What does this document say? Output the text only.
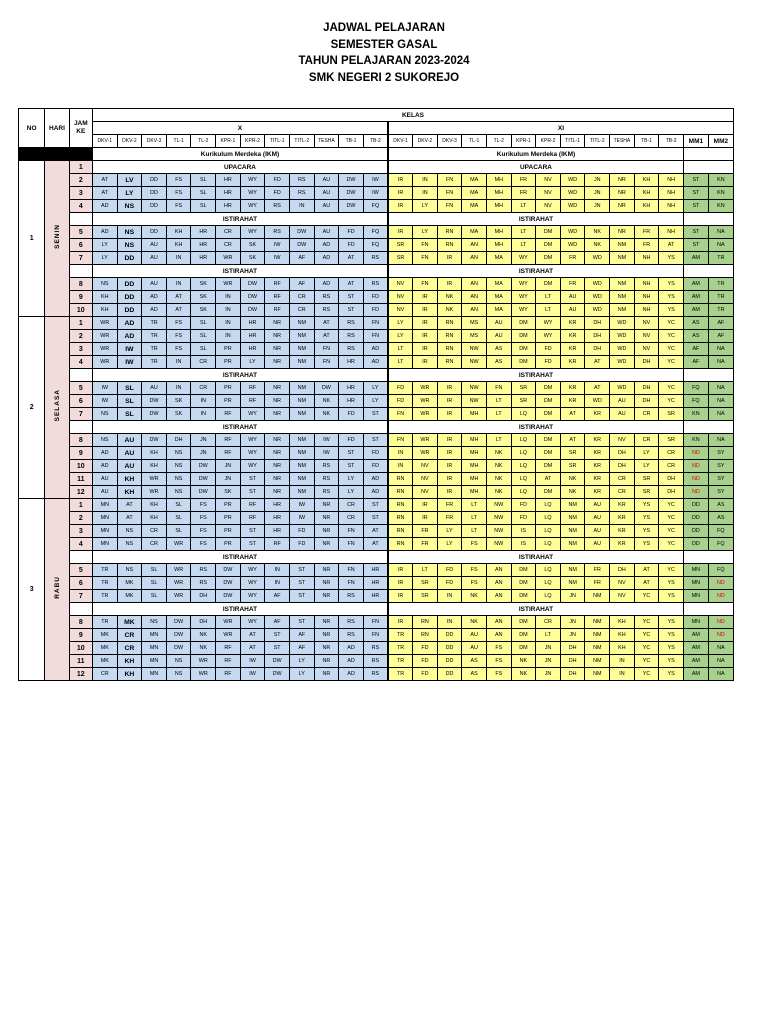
JADWAL PELAJARAN
SEMESTER GASAL
TAHUN PELAJARAN 2023-2024
SMK NEGERI 2 SUKOREJO
NO	HARI	JAM KE	KELAS																									
			X												XI													
			DKV-1	DKV-2	DKV-3	TL-1	TL-2	KPR-1	KPR-2	TITL-1	TITL-2	TESHA	TB-1	TB-2	DKV-1	DKV-2	DKV-3	TL-1	TL-2	KPR-1	KPR-2	TITL-1	TITL-2	TESHA	TB-1	TB-2	MM1	MM2
			Kurikulum Merdeka (IKM)												Kurikulum Merdeka (IKM)													
1	SENIN	1	UPACARA												UPACARA													
		2	AT	LV	DD	FS	SL	HR	WY	FD	RS	AU	DW	IW	IR	IN	FN	MA	MH	FR	NV	WD	JN	NR	KH	NH	ST	KN
		3	AT	LY	DD	FS	SL	HR	WY	FD	RS	AU	DW	IW	IR	IN	FN	MA	MH	FR	NV	WD	JN	NR	KH	NH	ST	KN
		4	AD	NS	DD	FS	SL	HR	WY	RS	IN	AU	DW	FQ	IR	LY	FN	MA	MH	LT	NV	WD	JN	NR	KH	NH	ST	KN
			ISTIRAHAT												ISTIRAHAT													
		5	AD	NS	DD	KH	HR	CR	WY	RS	DW	AU	FD	FQ	IR	LY	RN	MA	MH	LT	DM	WD	NK	NR	FR	NH	ST	NA
		6	LY	NS	AU	KH	HR	CR	SK	IW	DW	AD	FD	FQ	SR	FN	RN	AN	MH	LT	DM	WD	NK	NM	FR	AT	ST	NA
		7	LY	DD	AU	IN	HR	WR	SK	IW	AF	AD	AT	RS	SR	FN	IR	AN	MA	WY	DM	FR	WD	NM	NH	YS	AM	TR
			ISTIRAHAT												ISTIRAHAT													
		8	NS	DD	AU	IN	SK	WR	DW	RF	AF	AD	AT	RS	NV	FN	IR	AN	MA	WY	DM	FR	WD	NM	NH	YS	AM	TR
		9	KH	DD	AD	AT	SK	IN	DW	RF	CR	RS	ST	FD	NV	IR	NK	AN	MA	WY	LT	AU	WD	NM	NH	YS	AM	TR
		10	KH	DD	AD	AT	SK	IN	DW	RF	CR	RS	ST	FD	NV	IR	NK	AN	MA	WY	LT	AU	WD	NM	NH	YS	AM	TR
2	SELASA	1	WR	AD	TR	FS	SL	IN	HR	NR	NM	AT	RS	FN	LY	IR	RN	MS	AU	DM	WY	KR	DH	WD	NV	YC	AS	AF
		2	WR	AD	TR	FS	SL	IN	HR	NR	NM	AT	RS	FN	LY	IR	RN	MS	AU	DM	WY	KR	DH	WD	NV	YC	AS	AF
		3	WR	IW	TR	FS	SL	PR	HR	NR	NM	FN	RS	AD	LT	IR	RN	NW	AS	DM	FD	KR	DH	WD	NV	YC	AF	NA
		4	WR	IW	TR	IN	CR	PR	LY	NR	NM	FN	HR	AD	LT	IR	RN	NW	AS	DM	FD	KR	AT	WD	DH	YC	AF	NA
			ISTIRAHAT												ISTIRAHAT													
		5	IW	SL	AU	IN	CR	PR	RF	NR	NM	DW	HR	LY	FD	WR	IR	NW	FN	SR	DM	KR	AT	WD	DH	YC	FQ	NA
		6	IW	SL	DW	SK	IN	PR	RF	NR	NM	NK	HR	LY	FD	WR	IR	NW	LT	SR	DM	KR	WD	AU	DH	YC	FQ	NA
		7	NS	SL	DW	SK	IN	RF	WY	NR	NM	NK	FD	ST	FN	WR	IR	MH	LT	LQ	DM	AT	KR	AU	CR	SR	KN	NA
			ISTIRAHAT												ISTIRAHAT													
		8	NS	AU	DW	DH	JN	RF	WY	NR	NM	IW	FD	ST	FN	WR	IR	MH	LT	LQ	DM	AT	KR	NV	CR	SR	KN	NA
		9	AD	AU	KH	NS	JN	RF	WY	NR	NM	IW	ST	FD	IN	WR	IR	MH	NK	LQ	DM	SR	KR	DH	LY	CR	ND	SY
		10	AD	AU	KH	NS	DW	JN	WY	NR	NM	RS	ST	FD	IN	NV	IR	MH	NK	LQ	DM	SR	KR	DH	LY	CR	ND	SY
		11	AU	KH	WR	NS	DW	JN	ST	NR	NM	RS	LY	AD	RN	NV	IR	MH	NK	LQ	AT	NK	KR	CR	SR	DH	ND	SY
		12	AU	KH	WR	NS	DW	SK	ST	NR	NM	RS	LY	AD	RN	NV	IR	MH	NK	LQ	DM	NK	KR	CR	SR	DH	ND	SY
3	RABU	1	MN	AT	KH	SL	FS	PR	RF	HR	IW	NR	CR	ST	RN	IR	FR	LT	NW	FD	LQ	NM	AU	KR	YS	YC	DD	AS
		2	MN	AT	KH	SL	FS	PR	RF	HR	IW	NR	CR	ST	RN	IR	FR	LT	NW	FD	LQ	NM	AU	KR	YS	YC	DD	AS
		3	MN	NS	CR	SL	FS	PR	ST	HR	FD	NR	FN	AT	RN	FR	LY	LT	NW	IS	LQ	NM	AU	KR	YS	YC	DD	FQ
		4	MN	NS	CR	WR	FS	PR	ST	RF	FD	NR	FN	AT	RN	FR	LY	FS	NW	IS	LQ	NM	AU	KR	YS	YC	DD	FQ
			ISTIRAHAT												ISTIRAHAT													
		5	TR	NS	SL	WR	RS	DW	WY	IN	ST	NR	FN	HR	IR	LT	FD	FS	AN	DM	LQ	NM	FR	DH	AT	YC	MN	FQ
		6	TR	MK	SL	WR	RS	DW	WY	IN	ST	NR	FN	HR	IR	SR	FD	FS	AN	DM	LQ	NM	FR	NV	AT	YS	MN	ND
		7	TR	MK	SL	WR	DH	DW	WY	AF	ST	NR	RS	HR	IR	SR	IN	NK	AN	DM	LQ	JN	NM	NV	YC	YS	MN	ND
			ISTIRAHAT												ISTIRAHAT													
		8	TR	MK	NS	DW	DH	WR	WY	AF	ST	NR	RS	FN	IR	RN	IN	NK	AN	DM	CR	JN	NM	KH	YC	YS	MN	ND
		9	MK	CR	MN	DW	NK	WR	AT	ST	AF	NR	RS	FN	TR	RN	DD	AU	AN	DM	LT	JN	NM	KH	YC	YS	AM	ND
		10	MK	CR	MN	DW	NK	RF	AT	ST	AF	NR	AD	RS	TR	FD	DD	AU	FS	DM	JN	DH	NM	KH	YC	YS	AM	NA
		11	MK	KH	MN	NS	WR	RF	IW	DW	LY	NR	AD	RS	TR	FD	DD	AS	FS	NK	JN	DH	NM	IN	YC	YS	AM	NA
		12	CR	KH	MN	NS	WR	RF	IW	DW	LY	NR	AD	RS	TR	FD	DD	AS	FS	NK	JN	DH	NM	IN	YC	YS	AM	NA
